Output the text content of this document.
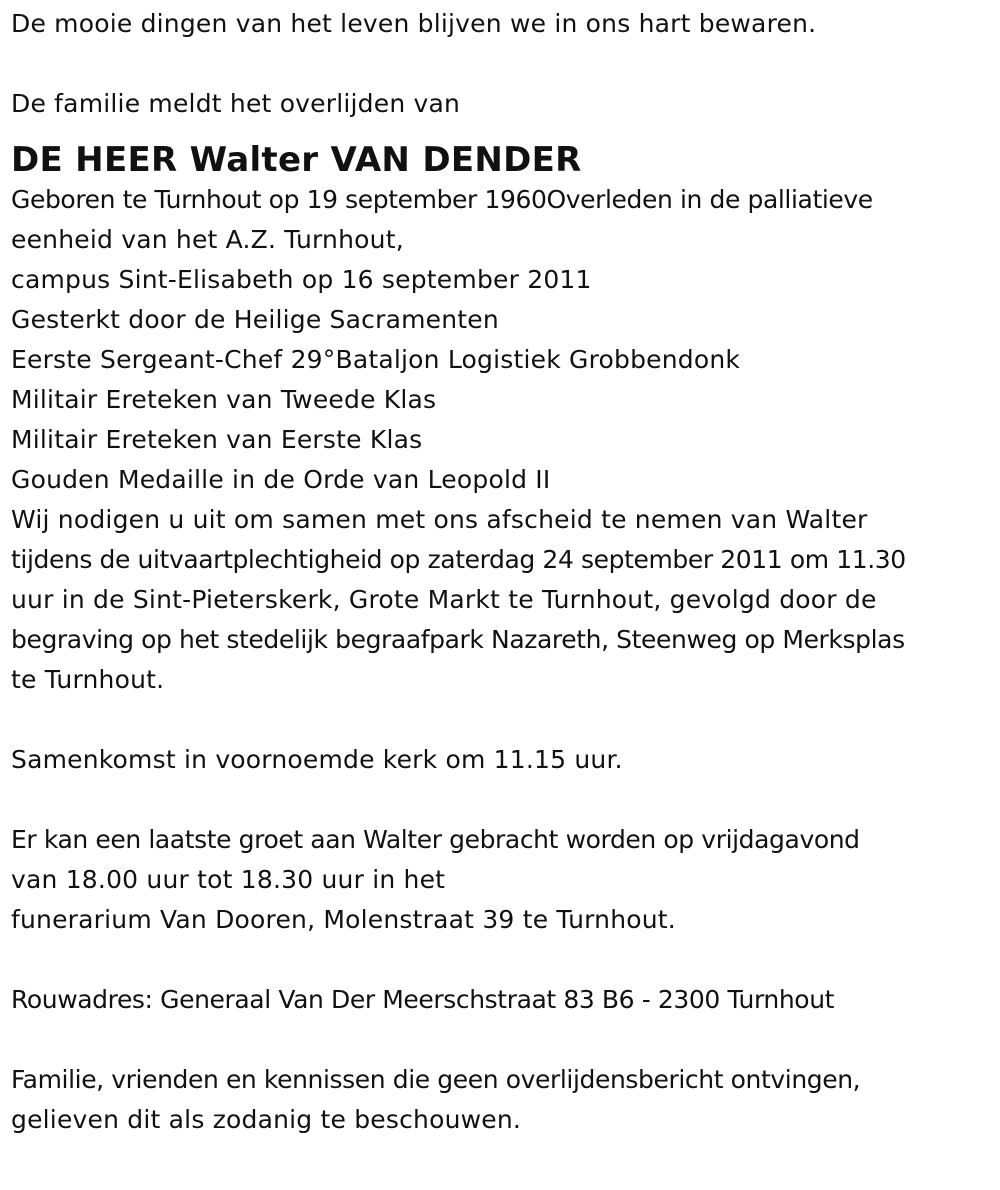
De mooie dingen van het leven blijven we in ons hart bewaren.
De familie meldt het overlijden van
DE HEER Walter VAN DENDER
Geboren te Turnhout op 19 september 1960Overleden in de palliatieve
eenheid van het A.Z. Turnhout,
campus Sint-Elisabeth op 16 september 2011
Gesterkt door de Heilige Sacramenten
Eerste Sergeant-Chef 29°Bataljon Logistiek Grobbendonk
Militair Ereteken van Tweede Klas
Militair Ereteken van Eerste Klas
Gouden Medaille in de Orde van Leopold II
Wij nodigen u uit om samen met ons afscheid te nemen van Walter
tijdens de uitvaartplechtigheid op zaterdag 24 september 2011 om 11.30
uur in de Sint-Pieterskerk, Grote Markt te Turnhout, gevolgd door de
begraving op het stedelijk begraafpark Nazareth, Steenweg op Merksplas
te Turnhout.
Samenkomst in voornoemde kerk om 11.15 uur.
Er kan een laatste groet aan Walter gebracht worden op vrijdagavond
van 18.00 uur tot 18.30 uur in het
funerarium Van Dooren, Molenstraat 39 te Turnhout.
Rouwadres: Generaal Van Der Meerschstraat 83 B6 - 2300 Turnhout
Familie, vrienden en kennissen die geen overlijdensbericht ontvingen,
gelieven dit als zodanig te beschouwen.
